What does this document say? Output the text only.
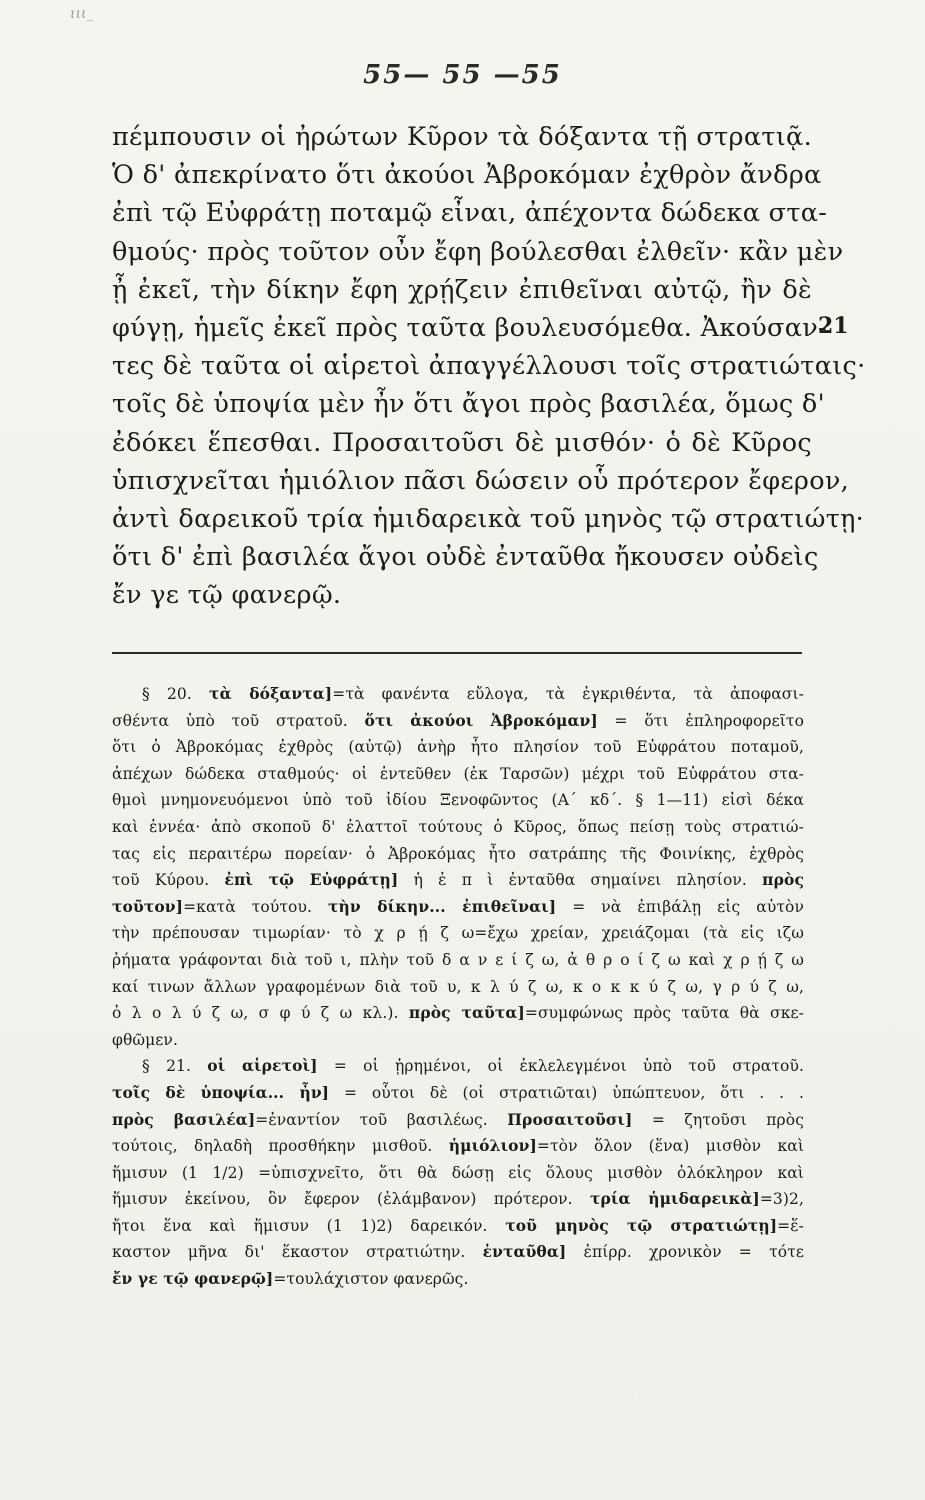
ιιι_
55— 55 —55
πέμπουσιν οἱ ἠρώτων Κῦρον τὰ δόξαντα τῇ στρατιᾷ.
Ὁ δ' ἀπεκρίνατο ὅτι ἀκούοι Ἀβροκόμαν ἐχθρὸν ἄνδρα
ἐπὶ τῷ Εὐφράτῃ ποταμῷ εἶναι, ἀπέχοντα δώδεκα στα-
θμούς· πρὸς τοῦτον οὖν ἔφη βούλεσθαι ἐλθεῖν· κἂν μὲν
ᾖ ἐκεῖ, τὴν δίκην ἔφη χρῄζειν ἐπιθεῖναι αὐτῷ, ἢν δὲ
φύγῃ, ἡμεῖς ἐκεῖ πρὸς ταῦτα βουλευσόμεθα. Ἀκούσαν-
τες δὲ ταῦτα οἱ αἱρετοὶ ἀπαγγέλλουσι τοῖς στρατιώταις·
τοῖς δὲ ὑποψία μὲν ἦν ὅτι ἄγοι πρὸς βασιλέα, ὅμως δ'
ἐδόκει ἕπεσθαι. Προσαιτοῦσι δὲ μισθόν· ὁ δὲ Κῦρος
ὑπισχνεῖται ἡμιόλιον πᾶσι δώσειν οὗ πρότερον ἔφερον,
ἀντὶ δαρεικοῦ τρία ἡμιδαρεικὰ τοῦ μηνὸς τῷ στρατιώτῃ·
ὅτι δ' ἐπὶ βασιλέα ἄγοι οὐδὲ ἐνταῦθα ἤκουσεν οὐδεὶς
ἔν γε τῷ φανερῷ.
§ 20. τὰ δόξαντα]=τὰ φανέντα εὔλογα, τὰ ἐγκριθέντα, τὰ ἀποφασι-
σθέντα ὑπὸ τοῦ στρατοῦ. ὅτι ἀκούοι Ἀβροκόμαν] = ὅτι ἐπληροφορεῖτο
ὅτι ὁ Ἀβροκόμας ἐχθρὸς (αὐτῷ) ἀνὴρ ἦτο πλησίον τοῦ Εὐφράτου ποταμοῦ,
ἀπέχων δώδεκα σταθμούς· οἱ ἐντεῦθεν (ἐκ Ταρσῶν) μέχρι τοῦ Εὐφράτου στα-
θμοὶ μνημονευόμενοι ὑπὸ τοῦ ἰδίου Ξενοφῶντος (Α΄ κδ΄. § 1—11) εἰσὶ δέκα
καὶ ἐννέα· ἀπὸ σκοποῦ δ' ἐλαττοῖ τούτους ὁ Κῦρος, ὅπως πείσῃ τοὺς στρατιώ-
τας εἰς περαιτέρω πορείαν· ὁ Ἀβροκόμας ἦτο σατράπης τῆς Φοινίκης, ἐχθρὸς
τοῦ Κύρου. ἐπὶ τῷ Εὐφράτῃ] ἡ ἐ π ὶ ἐνταῦθα σημαίνει πλησίον. πρὸς
τοῦτον]=κατὰ τούτου. τὴν δίκην... ἐπιθεῖναι] = νὰ ἐπιβάλῃ εἰς αὐτὸν
τὴν πρέπουσαν τιμωρίαν· τὸ χ ρ ῄ ζ ω=ἔχω χρείαν, χρειάζομαι (τὰ εἰς ιζω
ῥήματα γράφονται διὰ τοῦ ι, πλὴν τοῦ δ α ν ε ί ζ ω, ἀ θ ρ ο ί ζ ω καὶ χ ρ ῄ ζ ω
καί τινων ἄλλων γραφομένων διὰ τοῦ υ, κ λ ύ ζ ω, κ ο κ κ ύ ζ ω, γ ρ ύ ζ ω,
ὀ λ ο λ ύ ζ ω, σ φ ύ ζ ω κλ.). πρὸς ταῦτα]=συμφώνως πρὸς ταῦτα θὰ σκε-
φθῶμεν.
§ 21. οἱ αἱρετοὶ] = οἱ ᾑρημένοι, οἱ ἐκλελεγμένοι ὑπὸ τοῦ στρατοῦ.
τοῖς δὲ ὑποψία... ἦν] = οὗτοι δὲ (οἱ στρατιῶται) ὑπώπτευον, ὅτι . . .
πρὸς βασιλέα]=ἐναντίον τοῦ βασιλέως. Προσαιτοῦσι] = ζητοῦσι πρὸς
τούτοις, δηλαδὴ προσθήκην μισθοῦ. ἡμιόλιον]=τὸν ὅλον (ἕνα) μισθὸν καὶ
ἥμισυν (1 1/2) =ὑπισχνεῖτο, ὅτι θὰ δώσῃ εἰς ὅλους μισθὸν ὁλόκληρον καὶ
ἥμισυν ἐκείνου, ὃν ἔφερον (ἐλάμβανον) πρότερον. τρία ἡμιδαρεικὰ]=3)2,
ἤτοι ἕνα καὶ ἥμισυν (1 1)2) δαρεικόν. τοῦ μηνὸς τῷ στρατιώτῃ]=ἕ-
καστον μῆνα δι' ἕκαστον στρατιώτην. ἐνταῦθα] ἐπίρρ. χρονικὸν = τότε
ἔν γε τῷ φανερῷ]=τουλάχιστον φανερῶς.
21
